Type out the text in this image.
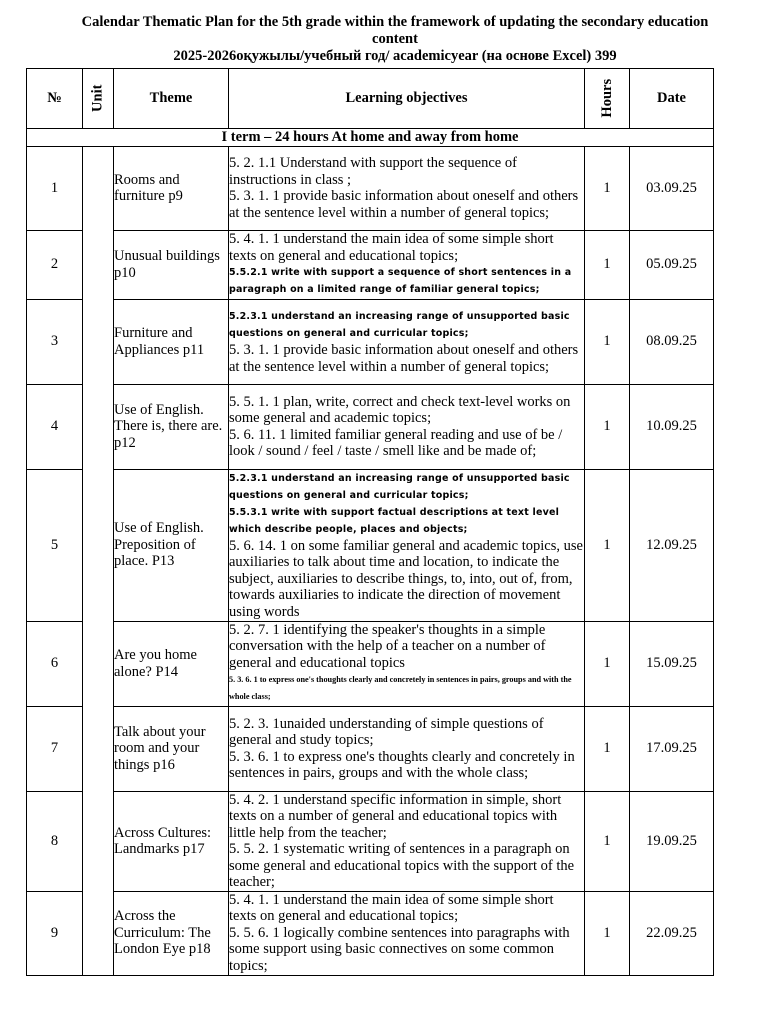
Calendar Thematic Plan for the 5th grade within the framework of updating the secondary education
content
2025-2026оқужылы/учебный год/ academicyear (на основе Excel) 399
№	Unit	Theme	Learning objectives	Hours	Date
I term – 24 hours At home and away from home					
1		Rooms and furniture p9	5. 2. 1.1 Understand with support the sequence of instructions in class ;
5. 3. 1. 1 provide basic information about oneself and others at the sentence level within a number of general topics;	1	03.09.25
2		Unusual buildings p10	5. 4. 1. 1 understand the main idea of some simple short texts on general and educational topics;
5.5.2.1 write with support a sequence of short sentences in a paragraph on a limited range of familiar general topics;	1	05.09.25
3		Furniture and Appliances p11	5.2.3.1 understand an increasing range of unsupported basic questions on general and curricular topics;
5. 3. 1. 1 provide basic information about oneself and others at the sentence level within a number of general topics;	1	08.09.25
4		Use of English. There is, there are. p12	5. 5. 1. 1 plan, write, correct and check text-level works on some general and academic topics;
5. 6. 11. 1 limited familiar general reading and use of be / look / sound / feel / taste / smell like and be made of;	1	10.09.25
5		Use of English. Preposition of place. P13	5.2.3.1 understand an increasing range of unsupported basic questions on general and curricular topics;
5.5.3.1 write with support factual descriptions at text level which describe people, places and objects;
5. 6. 14. 1 on some familiar general and academic topics, use auxiliaries to talk about time and location, to indicate the subject, auxiliaries to describe things, to, into, out of, from, towards auxiliaries to indicate the direction of movement using words	1	12.09.25
6		Are you home alone? P14	5. 2. 7. 1 identifying the speaker's thoughts in a simple conversation with the help of a teacher on a number of general and educational topics
5. 3. 6. 1 to express one's thoughts clearly and concretely in sentences in pairs, groups and with the whole class;	1	15.09.25
7		Talk about your room and your things p16	5. 2. 3. 1unaided understanding of simple questions of general and study topics;
5. 3. 6. 1 to express one's thoughts clearly and concretely in sentences in pairs, groups and with the whole class;	1	17.09.25
8		Across Cultures: Landmarks p17	5. 4. 2. 1 understand specific information in simple, short texts on a number of general and educational topics with little help from the teacher;
5. 5. 2. 1 systematic writing of sentences in a paragraph on some general and educational topics with the support of the teacher;	1	19.09.25
9		Across the Curriculum: The London Eye p18	5. 4. 1. 1 understand the main idea of some simple short texts on general and educational topics;
5. 5. 6. 1 logically combine sentences into paragraphs with some support using basic connectives on some common topics;	1	22.09.25
